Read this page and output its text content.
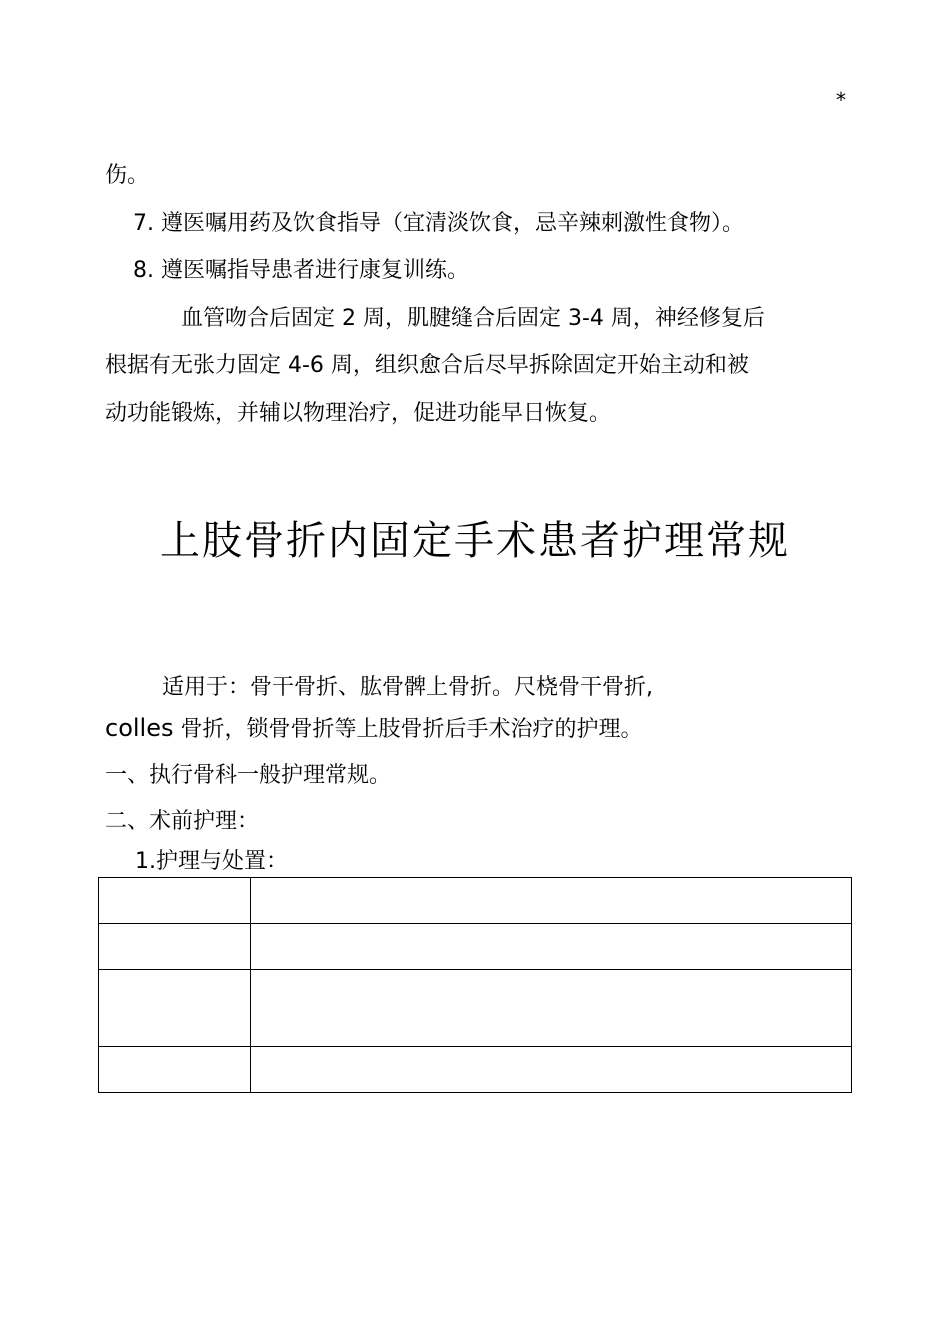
*
伤。
7. 遵医嘱用药及饮食指导（宜清淡饮食，忌辛辣刺激性食物）。
8. 遵医嘱指导患者进行康复训练。
血管吻合后固定 2 周，肌腱缝合后固定 3-4 周，神经修复后
根据有无张力固定 4-6 周，组织愈合后尽早拆除固定开始主动和被
动功能锻炼，并辅以物理治疗，促进功能早日恢复。
上肢骨折内固定手术患者护理常规
适用于：骨干骨折、肱骨髀上骨折。尺桡骨干骨折,
colles 骨折，锁骨骨折等上肢骨折后手术治疗的护理。
一、执行骨科一般护理常规。
二、术前护理：
1.护理与处置：
